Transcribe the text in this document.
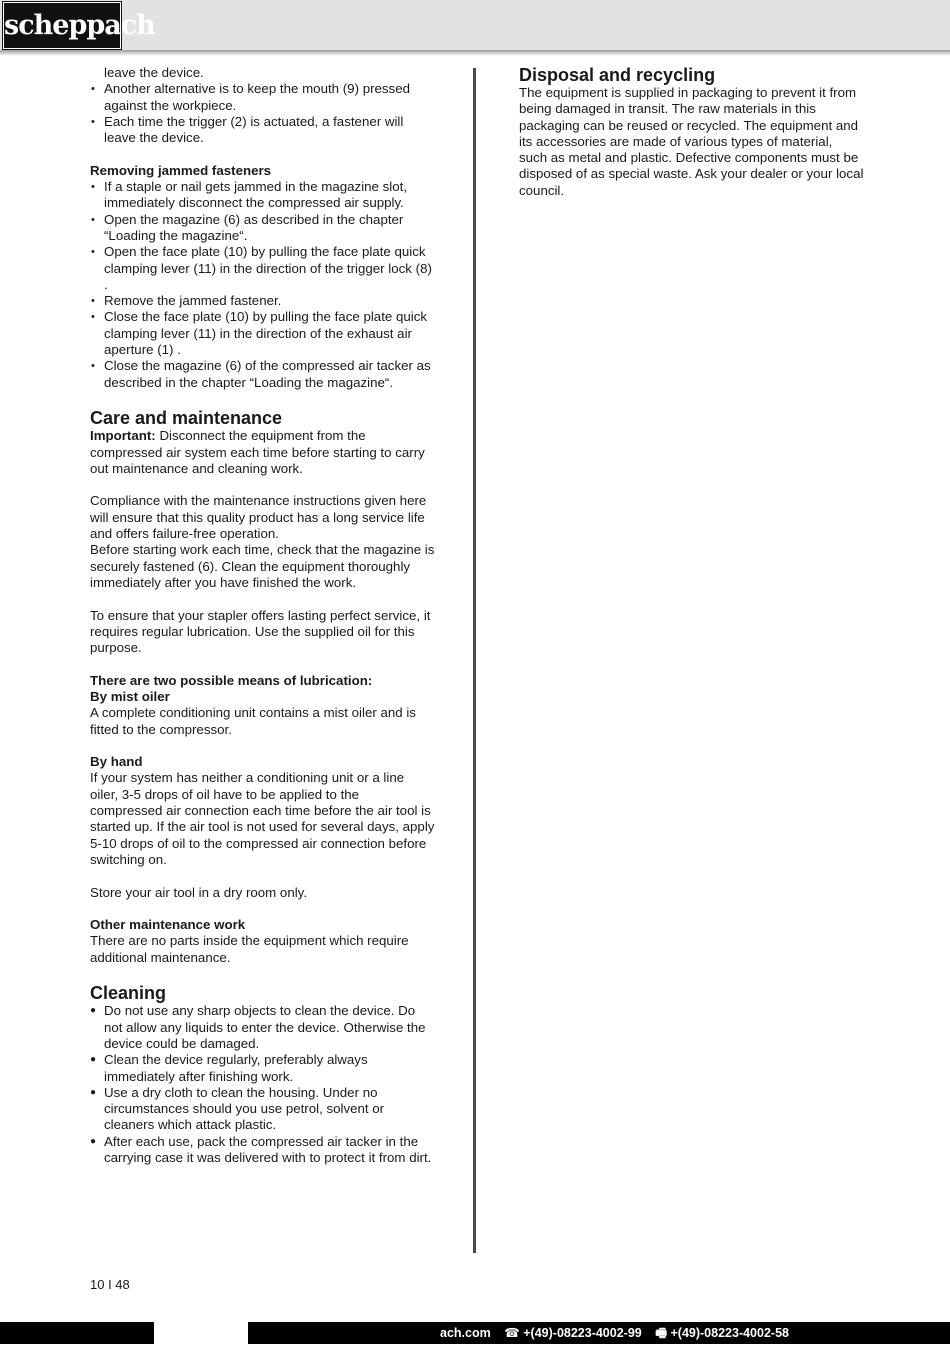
scheppach

leave the device.

• Another alternative is to keep the mouth (9) pressed against the workpiece.
• Each time the trigger (2) is actuated, a fastener will leave the device.

Removing jammed fasteners

• If a staple or nail gets jammed in the magazine slot, immediately disconnect the compressed air supply.
• Open the magazine (6) as described in the chapter “Loading the magazine“.
• Open the face plate (10) by pulling the face plate quick clamping lever (11) in the direction of the trigger lock (8) .
• Remove the jammed fastener.
• Close the face plate (10) by pulling the face plate quick clamping lever (11) in the direction of the exhaust air aperture (1) .
• Close the magazine (6) of the compressed air tacker as described in the chapter “Loading the magazine“.
Care and maintenance

Important: Disconnect the equipment from the compressed air system each time before starting to carry out maintenance and cleaning work.

Compliance with the maintenance instructions given here will ensure that this quality product has a long service life and offers failure-free operation.

Before starting work each time, check that the magazine is securely fastened (6). Clean the equipment thoroughly immediately after you have finished the work.

To ensure that your stapler offers lasting perfect service, it requires regular lubrication. Use the supplied oil for this purpose.

There are two possible means of lubrication:

By mist oiler

A complete conditioning unit contains a mist oiler and is fitted to the compressor.

By hand

If your system has neither a conditioning unit or a line oiler, 3-5 drops of oil have to be applied to the compressed air connection each time before the air tool is started up. If the air tool is not used for several days, apply 5-10 drops of oil to the compressed air connection before switching on.

Store your air tool in a dry room only.

Other maintenance work

There are no parts inside the equipment which require additional maintenance.

Cleaning
● Do not use any sharp objects to clean the device. Do not allow any liquids to enter the device. Otherwise the device could be damaged.
● Clean the device regularly, preferably always immediately after finishing work.
● Use a dry cloth to clean the housing. Under no circumstances should you use petrol, solvent or cleaners which attack plastic.
● After each use, pack the compressed air tacker in the carrying case it was delivered with to protect it from dirt.
Disposal and recycling

The equipment is supplied in packaging to prevent it from being damaged in transit. The raw materials in this packaging can be reused or recycled. The equipment and its accessories are made of various types of material, such as metal and plastic. Defective components must be disposed of as special waste. Ask your dealer or your local council.

10 I 48
ach.com ☎ +(49)-08223-4002-99 🖷 +(49)-08223-4002-58
